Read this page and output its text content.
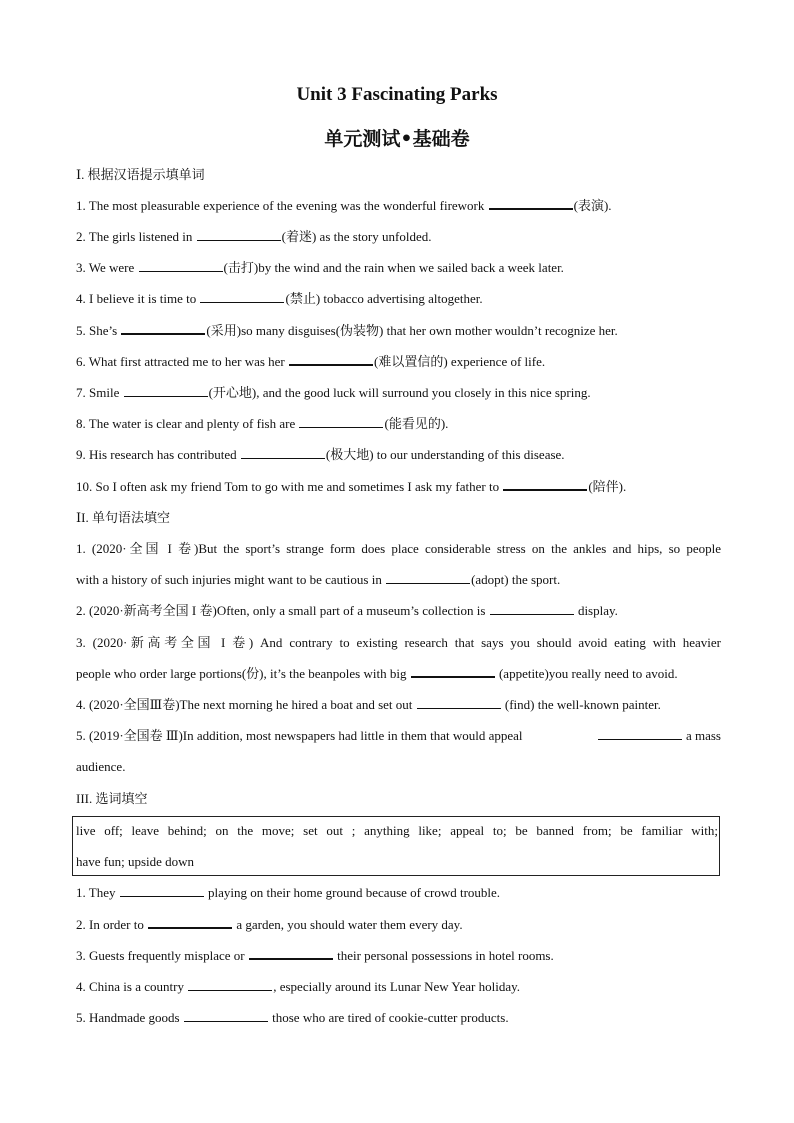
Unit 3 Fascinating Parks
单元测试•基础卷
Ⅰ. 根据汉语提示填单词
1. The most pleasurable experience of the evening was the wonderful firework	(表演).
2. The girls listened in	(着迷) as the story unfolded.
3. We were	(击打)by the wind and the rain when we sailed back a week later.
4. I believe it is time to	(禁止) tobacco advertising altogether.
5. She’s	(采用)so many disguises(伪装物) that her own mother wouldn’t recognize her.
6. What first attracted me to her was her	(难以置信的) experience of life.
7. Smile	(开心地), and the good luck will surround you closely in this nice spring.
8. The water is clear and plenty of fish are	(能看见的).
9. His research has contributed	(极大地) to our understanding of this disease.
10. So I often ask my friend Tom to go with me and sometimes I ask my father to	(陪伴).
ⅠI. 单句语法填空
1. (2020·全国 I 卷)But the sport’s strange form does place considerable stress on the ankles and hips, so people
with a history of such injuries might want to be cautious in	(adopt) the sport.
2. (2020·新高考全国 I 卷)Often, only a small part of a museum’s collection is	display.
3. (2020·新高考全国 I 卷) And contrary to existing research that says you should avoid eating with heavier
people who order large portions(份), it’s the beanpoles with big	(appetite)you really need to avoid.
4. (2020·全国Ⅲ卷)The next morning he hired a boat and set out	(find) the well-known painter.
5. (2019·全国卷 Ⅲ)In addition, most newspapers had little in them that would appeal	a mass
audience.
III. 选词填空
live off; leave behind; on the move; set out ; anything like; appeal to; be banned from; be familiar with;
have fun; upside down
1. They	playing on their home ground because of crowd trouble.
2. In order to	a garden, you should water them every day.
3. Guests frequently misplace or	their personal possessions in hotel rooms.
4. China is a country	, especially around its Lunar New Year holiday.
5. Handmade goods	those who are tired of cookie-cutter products.
